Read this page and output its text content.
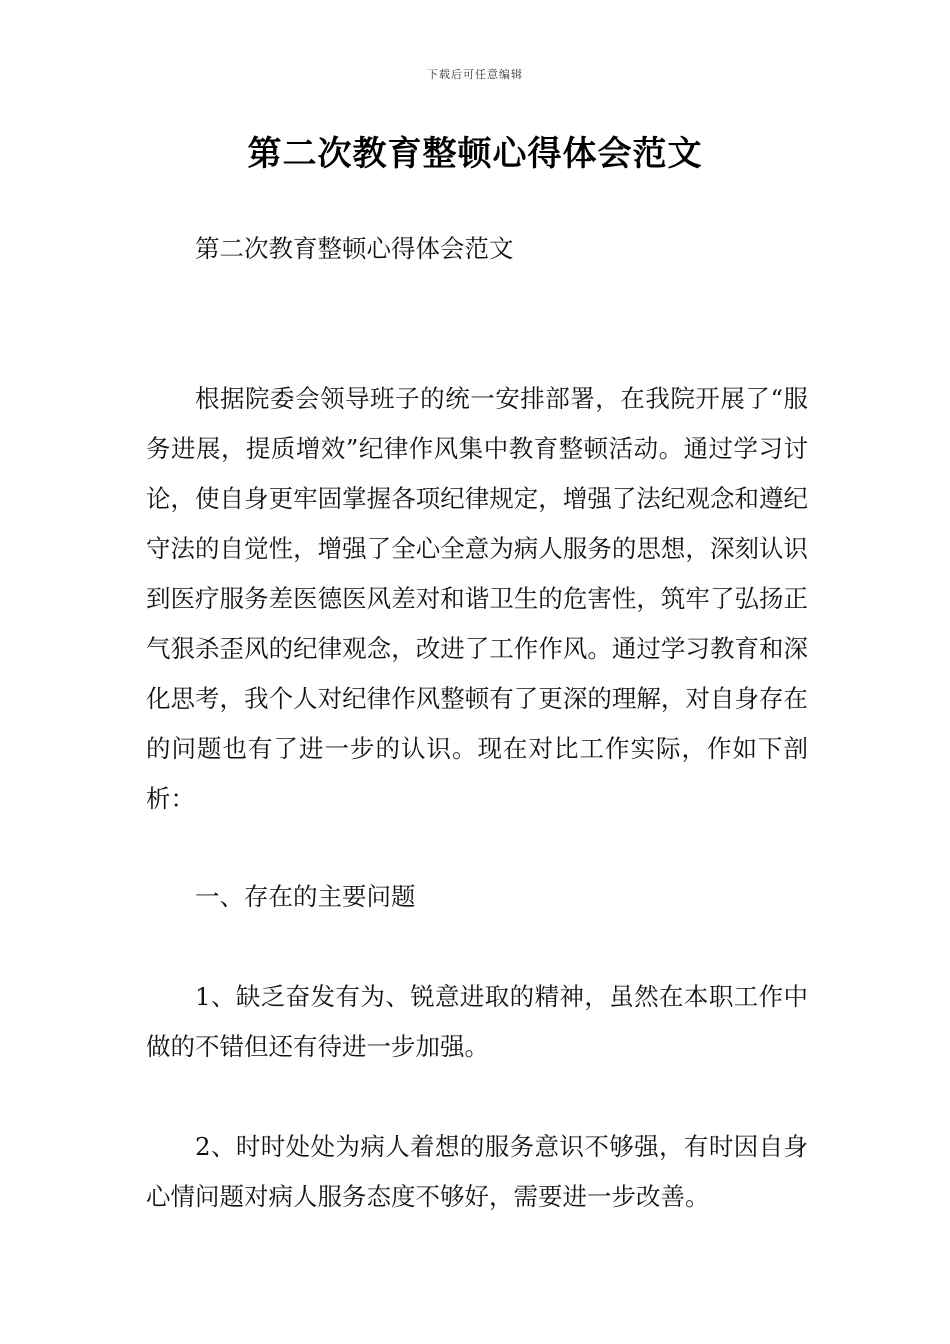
下载后可任意编辑
第二次教育整顿心得体会范文

第二次教育整顿心得体会范文

根据院委会领导班子的统一安排部署，在我院开展了“服务进展，提质增效”纪律作风集中教育整顿活动。通过学习讨论，使自身更牢固掌握各项纪律规定，增强了法纪观念和遵纪守法的自觉性，增强了全心全意为病人服务的思想，深刻认识到医疗服务差医德医风差对和谐卫生的危害性，筑牢了弘扬正气狠杀歪风的纪律观念，改进了工作作风。通过学习教育和深化思考，我个人对纪律作风整顿有了更深的理解，对自身存在的问题也有了进一步的认识。现在对比工作实际，作如下剖析：

一、存在的主要问题

1、缺乏奋发有为、锐意进取的精神，虽然在本职工作中做的不错但还有待进一步加强。

2、时时处处为病人着想的服务意识不够强，有时因自身心情问题对病人服务态度不够好，需要进一步改善。
